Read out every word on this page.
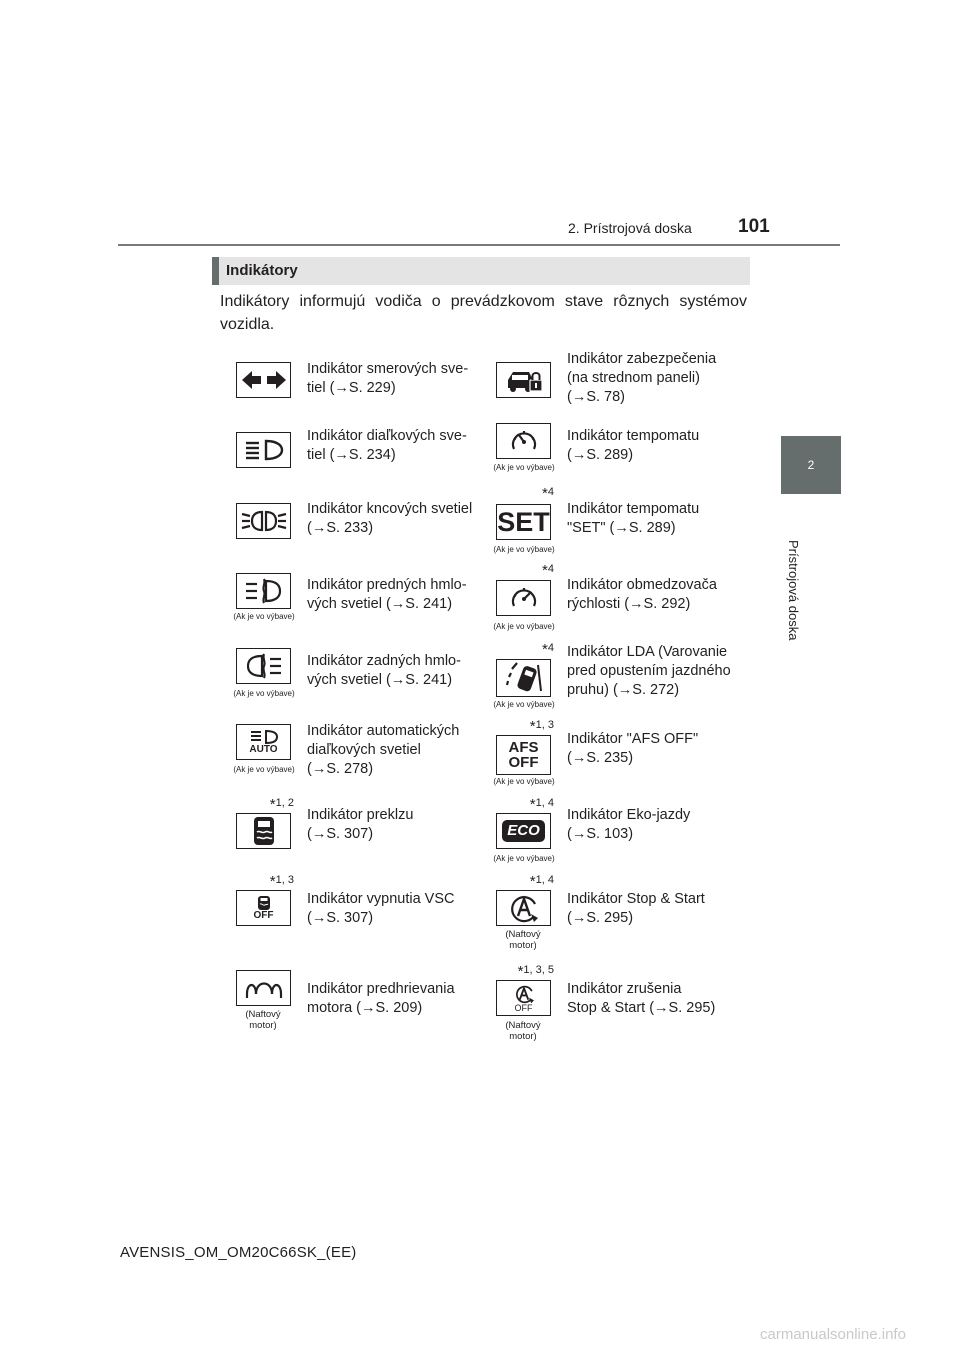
2. Prístrojová doska 101
2
Prístrojová doska
Indikátory
Indikátory informujú vodiča o prevádzkovom stave rôznych systémov vozidla.
Indikátor smerových sve-
tiel (→S. 229)
Indikátor diaľkových sve-
tiel (→S. 234)
Indikátor kncových svetiel
(→S. 233)
(Ak je vo výbave)
Indikátor predných hmlo-
vých svetiel (→S. 241)
(Ak je vo výbave)
Indikátor zadných hmlo-
vých svetiel (→S. 241)
AUTO
(Ak je vo výbave)
Indikátor automatických
diaľkových svetiel
(→S. 278)
*1, 2
Indikátor preklzu
(→S. 307)
*1, 3
OFF
Indikátor vypnutia VSC
(→S. 307)
(Naftový motor)
Indikátor predhrievania
motora (→S. 209)
Indikátor zabezpečenia
(na strednom paneli)
(→S. 78)
(Ak je vo výbave)
Indikátor tempomatu
(→S. 289)
*4
SET
(Ak je vo výbave)
Indikátor tempomatu
"SET" (→S. 289)
*4
(Ak je vo výbave)
Indikátor obmedzovača
rýchlosti (→S. 292)
*4
(Ak je vo výbave)
Indikátor LDA (Varovanie
pred opustením jazdného
pruhu) (→S. 272)
*1, 3
AFS OFF
(Ak je vo výbave)
Indikátor "AFS OFF"
(→S. 235)
*1, 4
ECO
(Ak je vo výbave)
Indikátor Eko-jazdy
(→S. 103)
*1, 4
(Naftový motor)
Indikátor Stop & Start
(→S. 295)
*1, 3, 5
OFF
(Naftový motor)
Indikátor zrušenia
Stop & Start (→S. 295)
AVENSIS_OM_OM20C66SK_(EE)
carmanualsonline.info
